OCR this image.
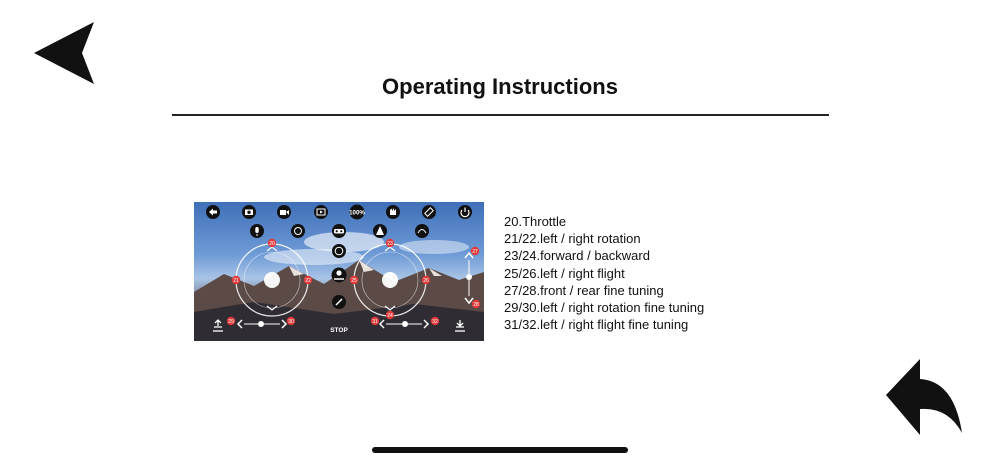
Operating Instructions
100%
20
21	22
23
25	26
24
STOP
29	30	31	32
27
28
20.Throttle
21/22.left / right rotation
23/24.forward / backward
25/26.left / right flight
27/28.front / rear fine tuning
29/30.left / right rotation fine tuning
31/32.left / right flight fine tuning
